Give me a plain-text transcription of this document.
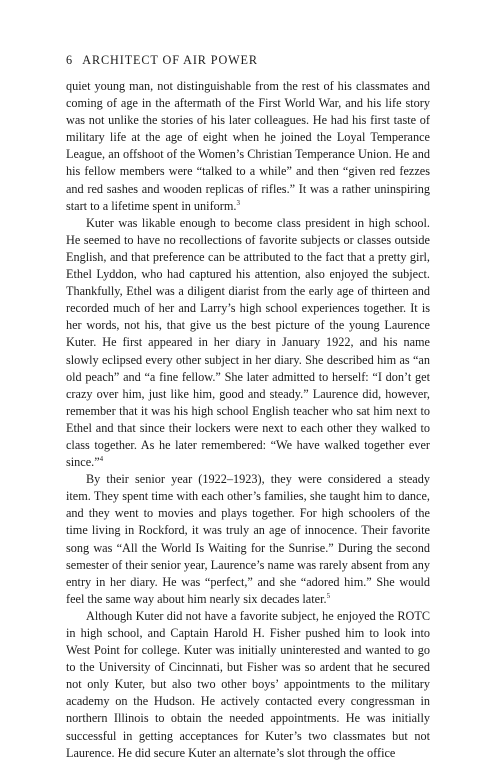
6 ARCHITECT OF AIR POWER

quiet young man, not distinguishable from the rest of his classmates and coming of age in the aftermath of the First World War, and his life story was not unlike the stories of his later colleagues. He had his first taste of military life at the age of eight when he joined the Loyal Temperance League, an offshoot of the Women’s Christian Temperance Union. He and his fellow members were “talked to a while” and then “given red fezzes and red sashes and wooden replicas of rifles.” It was a rather uninspiring start to a lifetime spent in uniform.$^3$

Kuter was likable enough to become class president in high school. He seemed to have no recollections of favorite subjects or classes outside English, and that preference can be attributed to the fact that a pretty girl, Ethel Lyddon, who had captured his attention, also enjoyed the subject. Thankfully, Ethel was a diligent diarist from the early age of thirteen and recorded much of her and Larry’s high school experiences together. It is her words, not his, that give us the best picture of the young Laurence Kuter. He first appeared in her diary in January 1922, and his name slowly eclipsed every other subject in her diary. She described him as “an old peach” and “a fine fellow.” She later admitted to herself: “I don’t get crazy over him, just like him, good and steady.” Laurence did, however, remember that it was his high school English teacher who sat him next to Ethel and that since their lockers were next to each other they walked to class together. As he later remembered: “We have walked together ever since.”$^4$

By their senior year (1922–1923), they were considered a steady item. They spent time with each other’s families, she taught him to dance, and they went to movies and plays together. For high schoolers of the time living in Rockford, it was truly an age of innocence. Their favorite song was “All the World Is Waiting for the Sunrise.” During the second semester of their senior year, Laurence’s name was rarely absent from any entry in her diary. He was “perfect,” and she “adored him.” She would feel the same way about him nearly six decades later.$^5$

Although Kuter did not have a favorite subject, he enjoyed the ROTC in high school, and Captain Harold H. Fisher pushed him to look into West Point for college. Kuter was initially uninterested and wanted to go to the University of Cincinnati, but Fisher was so ardent that he secured not only Kuter, but also two other boys’ appointments to the military academy on the Hudson. He actively contacted every congressman in northern Illinois to obtain the needed appointments. He was initially successful in getting acceptances for Kuter’s two classmates but not Laurence. He did secure Kuter an alternate’s slot through the office
